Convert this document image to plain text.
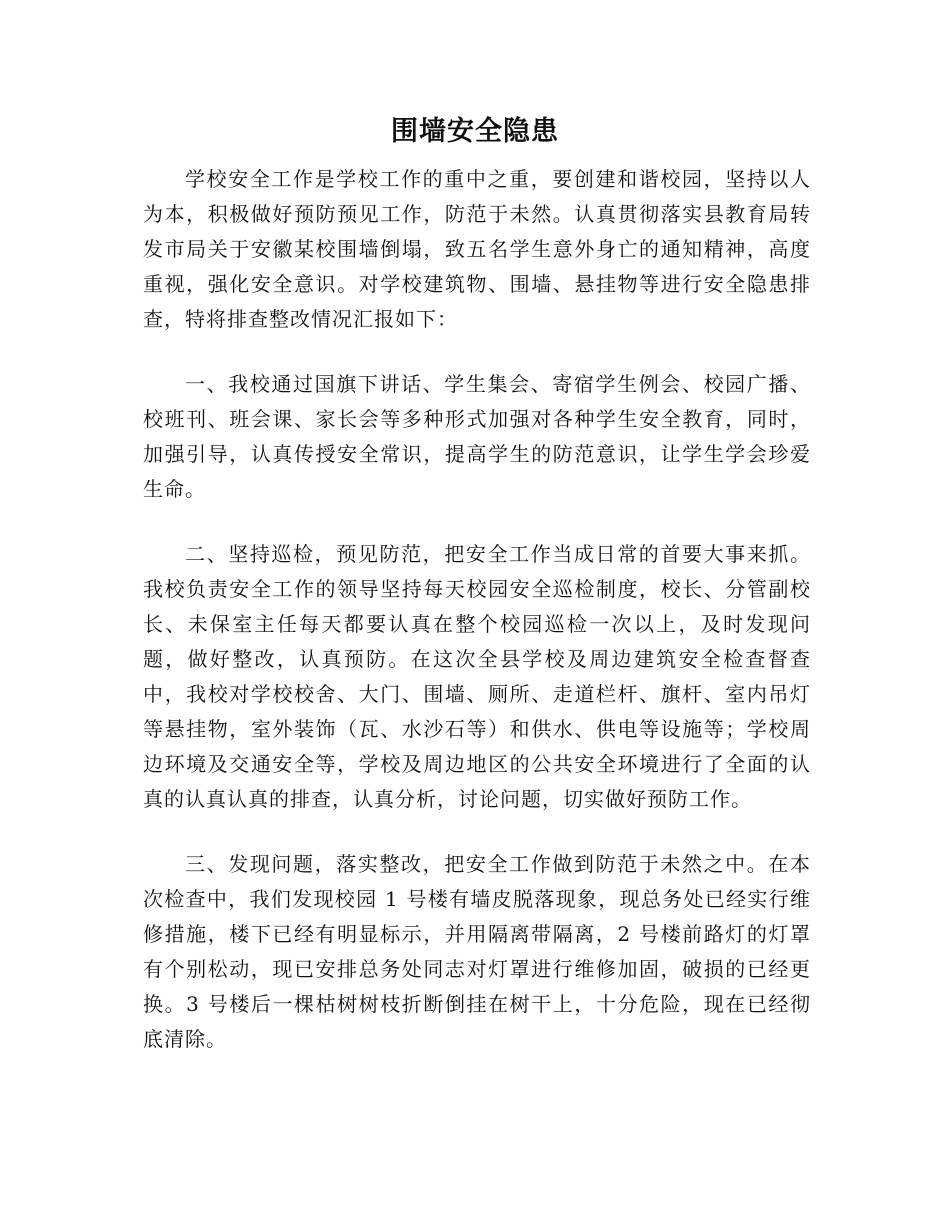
围墙安全隐患

学校安全工作是学校工作的重中之重，要创建和谐校园，坚持以人为本，积极做好预防预见工作，防范于未然。认真贯彻落实县教育局转发市局关于安徽某校围墙倒塌，致五名学生意外身亡的通知精神，高度重视，强化安全意识。对学校建筑物、围墙、悬挂物等进行安全隐患排查，特将排查整改情况汇报如下：

一、我校通过国旗下讲话、学生集会、寄宿学生例会、校园广播、校班刊、班会课、家长会等多种形式加强对各种学生安全教育，同时，加强引导，认真传授安全常识，提高学生的防范意识，让学生学会珍爱生命。

二、坚持巡检，预见防范，把安全工作当成日常的首要大事来抓。我校负责安全工作的领导坚持每天校园安全巡检制度，校长、分管副校长、未保室主任每天都要认真在整个校园巡检一次以上，及时发现问题，做好整改，认真预防。在这次全县学校及周边建筑安全检查督查中，我校对学校校舍、大门、围墙、厕所、走道栏杆、旗杆、室内吊灯等悬挂物，室外装饰（瓦、水沙石等）和供水、供电等设施等；学校周边环境及交通安全等，学校及周边地区的公共安全环境进行了全面的认真的认真认真的排查，认真分析，讨论问题，切实做好预防工作。

三、发现问题，落实整改，把安全工作做到防范于未然之中。在本次检查中，我们发现校园 1 号楼有墙皮脱落现象，现总务处已经实行维修措施，楼下已经有明显标示，并用隔离带隔离，2 号楼前路灯的灯罩有个别松动，现已安排总务处同志对灯罩进行维修加固，破损的已经更换。3 号楼后一棵枯树树枝折断倒挂在树干上，十分危险，现在已经彻底清除。
